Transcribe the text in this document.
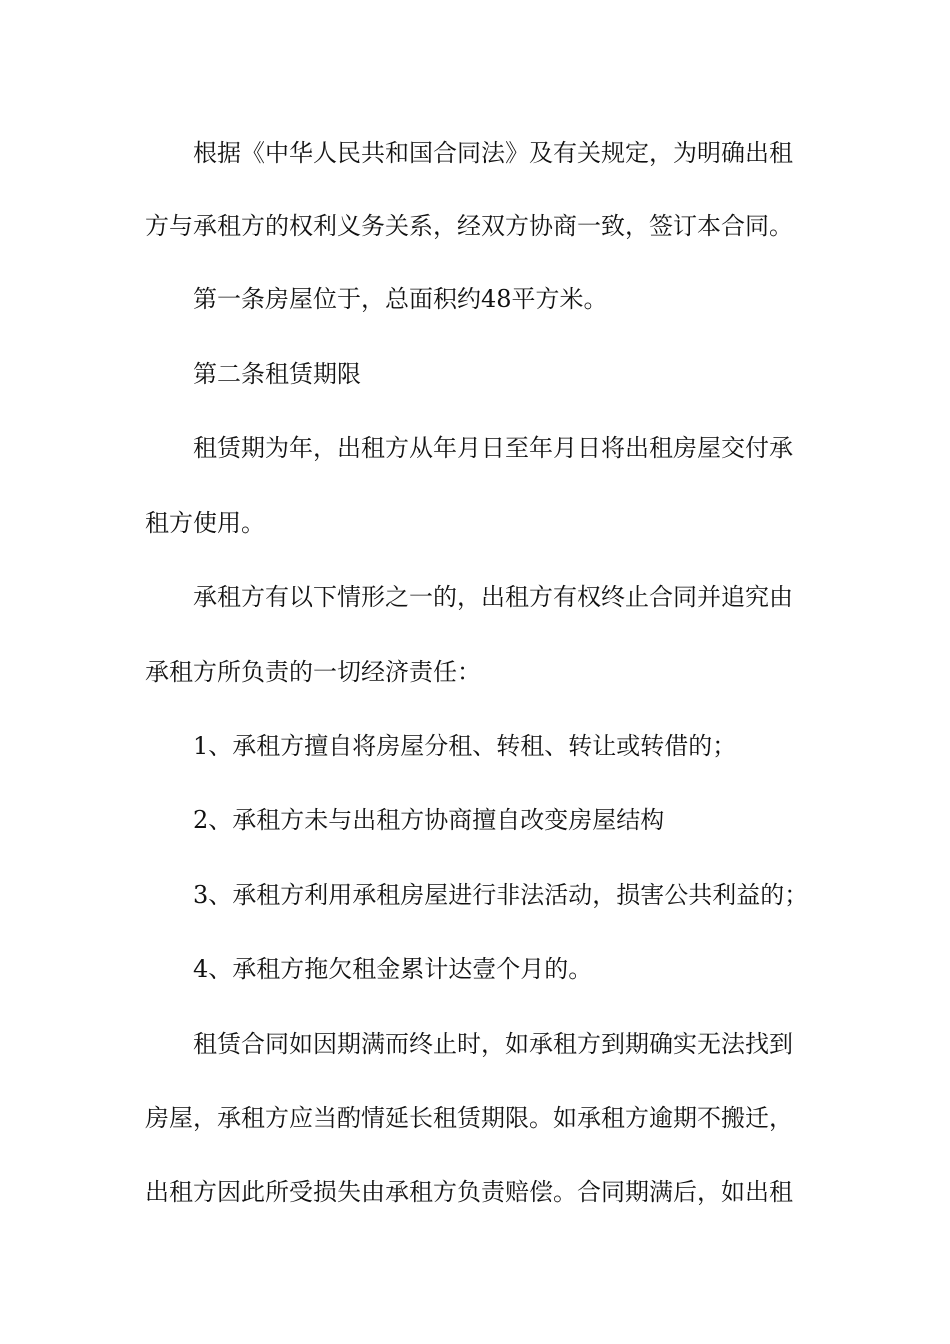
根据《中华人民共和国合同法》及有关规定，为明确出租
方与承租方的权利义务关系，经双方协商一致，签订本合同。
第一条房屋位于，总面积约48平方米。
第二条租赁期限
租赁期为年，出租方从年月日至年月日将出租房屋交付承
租方使用。
承租方有以下情形之一的，出租方有权终止合同并追究由
承租方所负责的一切经济责任：
1、承租方擅自将房屋分租、转租、转让或转借的；
2、承租方未与出租方协商擅自改变房屋结构
3、承租方利用承租房屋进行非法活动，损害公共利益的；
4、承租方拖欠租金累计达壹个月的。
租赁合同如因期满而终止时，如承租方到期确实无法找到
房屋，承租方应当酌情延长租赁期限。如承租方逾期不搬迁，
出租方因此所受损失由承租方负责赔偿。合同期满后，如出租
